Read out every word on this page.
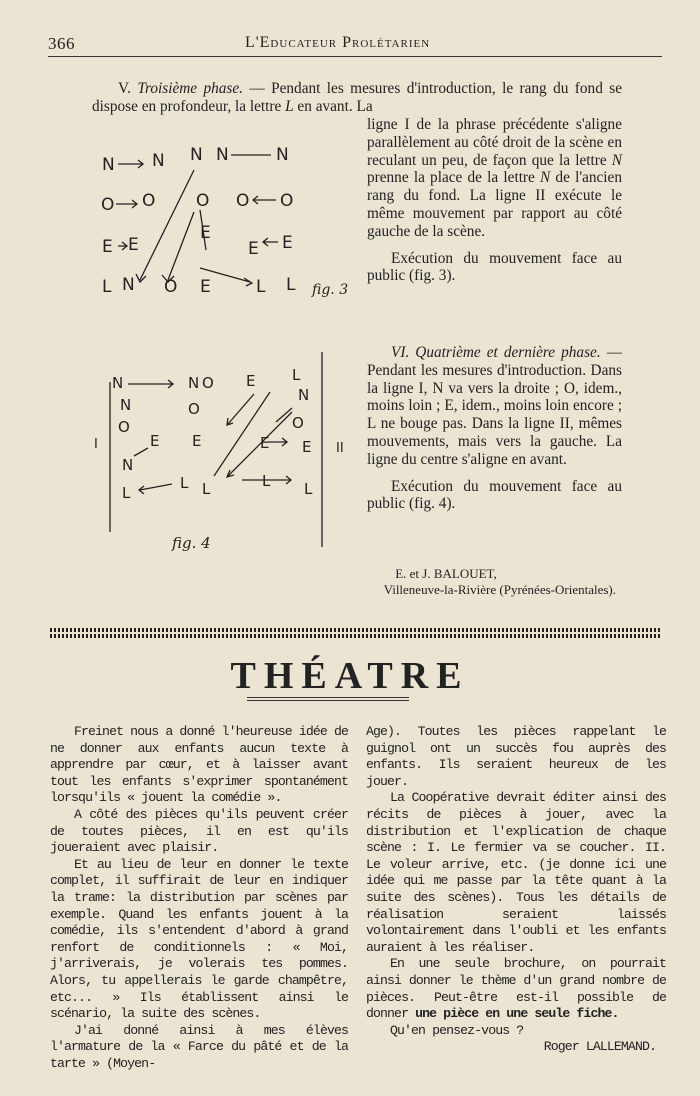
366	L'Educateur Prolétarien

V. Troisième phase. — Pendant les mesures d'introduction, le rang du fond se dispose en profondeur, la lettre L en avant. La

ligne I de la phrase précédente s'aligne parallèlement au côté droit de la scène en reculant un peu, de façon que la lettre N prenne la place de la lettre N de l'ancien rang du fond. La ligne II exécute le même mouvement par rapport au côté gauche de la scène.

Exécution du mouvement face au public (fig. 3).

N N N N	N
O O O O O
E E
E
E E
L N O E	L L fig. 3

VI. Quatrième et dernière phase. — Pendant les mesures d'introduction. Dans la ligne I, N va vers la droite ; O, idem., moins loin ; E, idem., moins loin encore ; L ne bouge pas. Dans la ligne II, mêmes mouvements, mais vers la gauche. La ligne du centre s'aligne en avant.

Exécution du mouvement face au public (fig. 4).

I	II
N
N
N	E L
N
O
O
O
O
E E	E E
L
L L	L L
N
fig. 4
E. et J. BALOUET,
Villeneuve-la-Rivière (Pyrénées-Orientales).
THÉATRE

Freinet nous a donné l'heureuse idée de ne donner aux enfants aucun texte à apprendre par cœur, et à laisser avant tout les enfants s'exprimer spontanément lorsqu'ils « jouent la comédie ».

A côté des pièces qu'ils peuvent créer de toutes pièces, il en est qu'ils joueraient avec plaisir.

Et au lieu de leur en donner le texte complet, il suffirait de leur en indiquer la trame: la distribution par scènes par exemple. Quand les enfants jouent à la comédie, ils s'entendent d'abord à grand renfort de conditionnels : « Moi, j'arriverais, je volerais tes pommes. Alors, tu appellerais le garde champêtre, etc... » Ils établissent ainsi le scénario, la suite des scènes.

J'ai donné ainsi à mes élèves l'armature de la « Farce du pâté et de la tarte » (Moyen-

Age). Toutes les pièces rappelant le guignol ont un succès fou auprès des enfants. Ils seraient heureux de les jouer.

La Coopérative devrait éditer ainsi des récits de pièces à jouer, avec la distribution et l'explication de chaque scène : I. Le fermier va se coucher. II. Le voleur arrive, etc. (je donne ici une idée qui me passe par la tête quant à la suite des scènes). Tous les détails de réalisation seraient laissés volontairement dans l'oubli et les enfants auraient à les réaliser.

En une seule brochure, on pourrait ainsi donner le thème d'un grand nombre de pièces. Peut-être est-il possible de donner une pièce en une seule fiche.

Qu'en pensez-vous ?

Roger LALLEMAND.
